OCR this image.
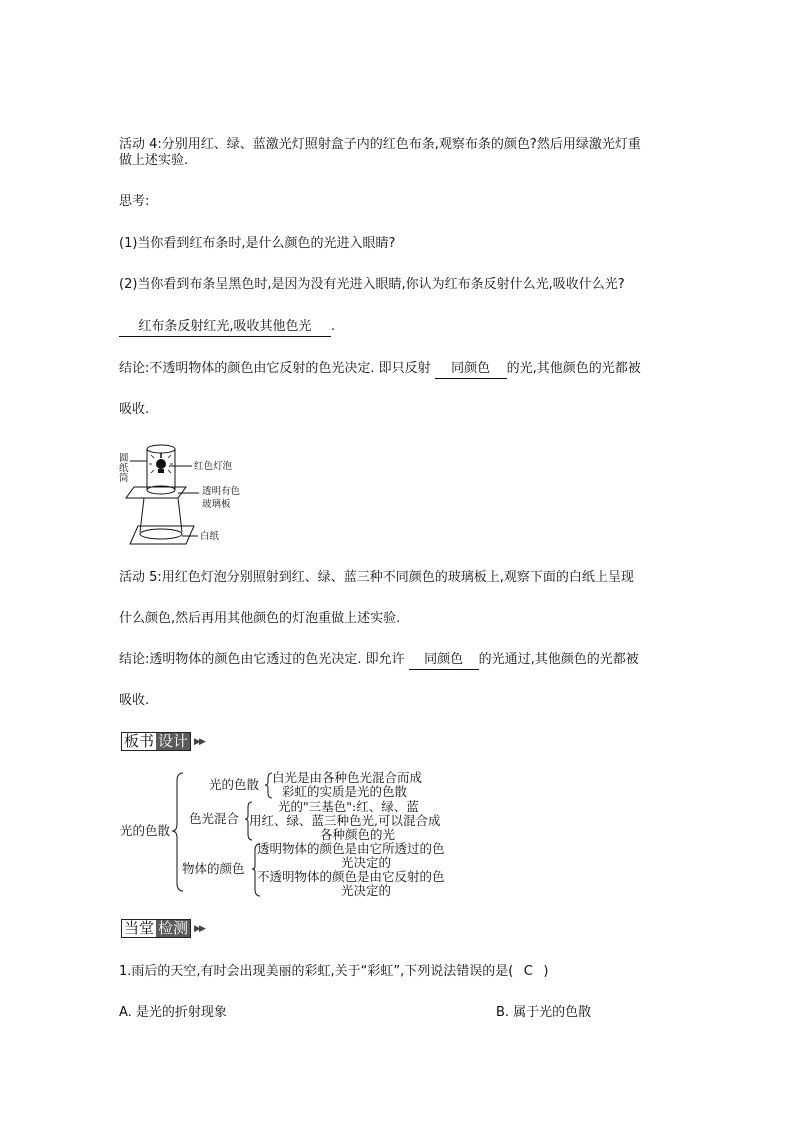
活动 4:分别用红、绿、蓝激光灯照射盒子内的红色布条,观察布条的颜色?然后用绿激光灯重
做上述实验.
思考:
(1)当你看到红布条时,是什么颜色的光进入眼睛?
(2)当你看到布条呈黑色时,是因为没有光进入眼睛,你认为红布条反射什么光,吸收什么光?
红布条反射红光,吸收其他色光 .
结论:不透明物体的颜色由它反射的色光决定. 即只反射 同颜色 的光,其他颜色的光都被
吸收.
圆
纸
筒
红色灯泡
透明有色
玻璃板
白纸
活动 5:用红色灯泡分别照射到红、绿、蓝三种不同颜色的玻璃板上,观察下面的白纸上呈现
什么颜色,然后再用其他颜色的灯泡重做上述实验.
结论:透明物体的颜色由它透过的色光决定. 即允许 同颜色 的光通过,其他颜色的光都被
吸收.
板书 设计 ▶▶
光的色散
光的色散 白光是由各种色光混合而成
彩虹的实质是光的色散
色光混合
光的"三基色":红、绿、蓝
用红、绿、蓝三种色光,可以混合成
各种颜色的光
物体的颜色
透明物体的颜色是由它所透过的色
光决定的
不透明物体的颜色是由它反射的色
光决定的
当堂 检测 ▶▶
1.雨后的天空,有时会出现美丽的彩虹,关于“彩虹”,下列说法错误的是( C )
A. 是光的折射现象	B. 属于光的色散
